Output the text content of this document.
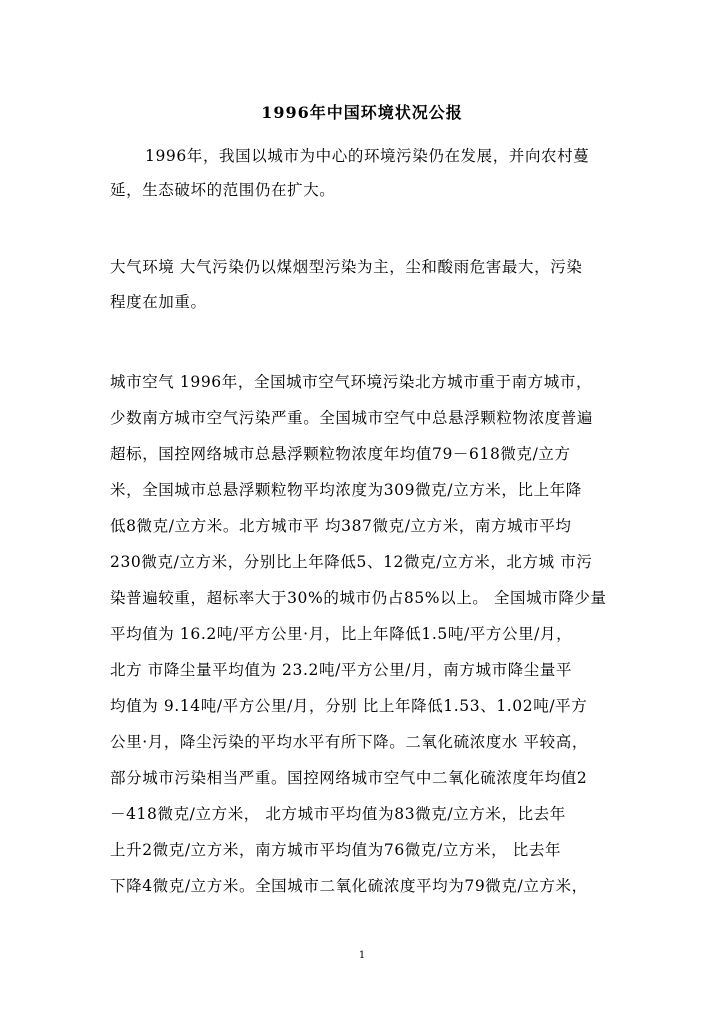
1996年中国环境状况公报
1996年，我国以城市为中心的环境污染仍在发展，并向农村蔓
延，生态破坏的范围仍在扩大。
大气环境 大气污染仍以煤烟型污染为主，尘和酸雨危害最大，污染
程度在加重。
城市空气 1996年，全国城市空气环境污染北方城市重于南方城市，
少数南方城市空气污染严重。全国城市空气中总悬浮颗粒物浓度普遍
超标，国控网络城市总悬浮颗粒物浓度年均值79－618微克/立方
米，全国城市总悬浮颗粒物平均浓度为309微克/立方米，比上年降
低8微克/立方米。北方城市平 均387微克/立方米，南方城市平均
230微克/立方米，分别比上年降低5、12微克/立方米，北方城 市污
染普遍较重，超标率大于30%的城市仍占85%以上。 全国城市降少量
平均值为 16.2吨/平方公里·月，比上年降低1.5吨/平方公里/月，
北方 市降尘量平均值为 23.2吨/平方公里/月，南方城市降尘量平
均值为 9.14吨/平方公里/月，分别 比上年降低1.53、1.02吨/平方
公里·月，降尘污染的平均水平有所下降。二氧化硫浓度水 平较高，
部分城市污染相当严重。国控网络城市空气中二氧化硫浓度年均值2
－418微克/立方米， 北方城市平均值为83微克/立方米，比去年
上升2微克/立方米，南方城市平均值为76微克/立方米， 比去年
下降4微克/立方米。全国城市二氧化硫浓度平均为79微克/立方米，
1
